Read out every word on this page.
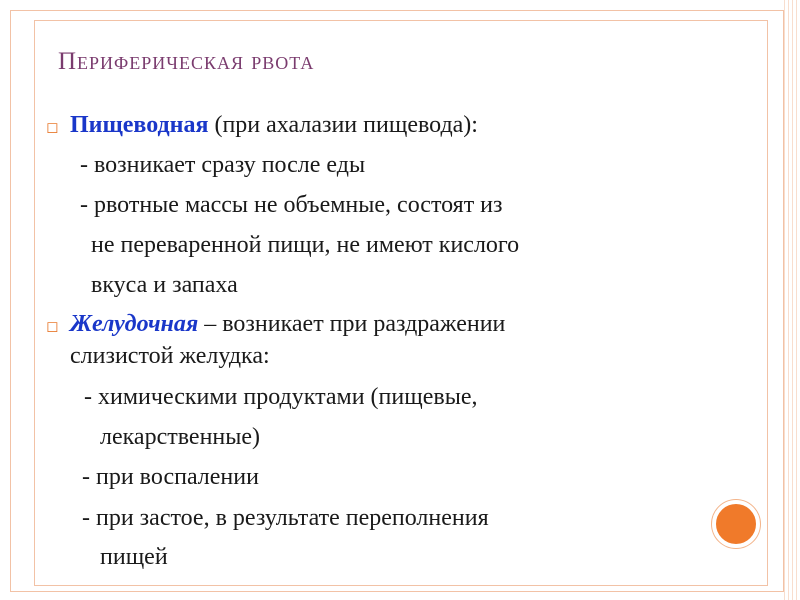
Периферическая рвота
◻ Пищеводная (при ахалазии пищевода):

- возникает сразу после еды

- рвотные массы не объемные, состоят из

не переваренной пищи, не имеют кислого

вкуса и запаха

◻ Желудочная – возникает при раздражении

слизистой желудка:

- химическими продуктами (пищевые,

лекарственные)

- при воспалении

- при застое, в результате переполнения

пищей
